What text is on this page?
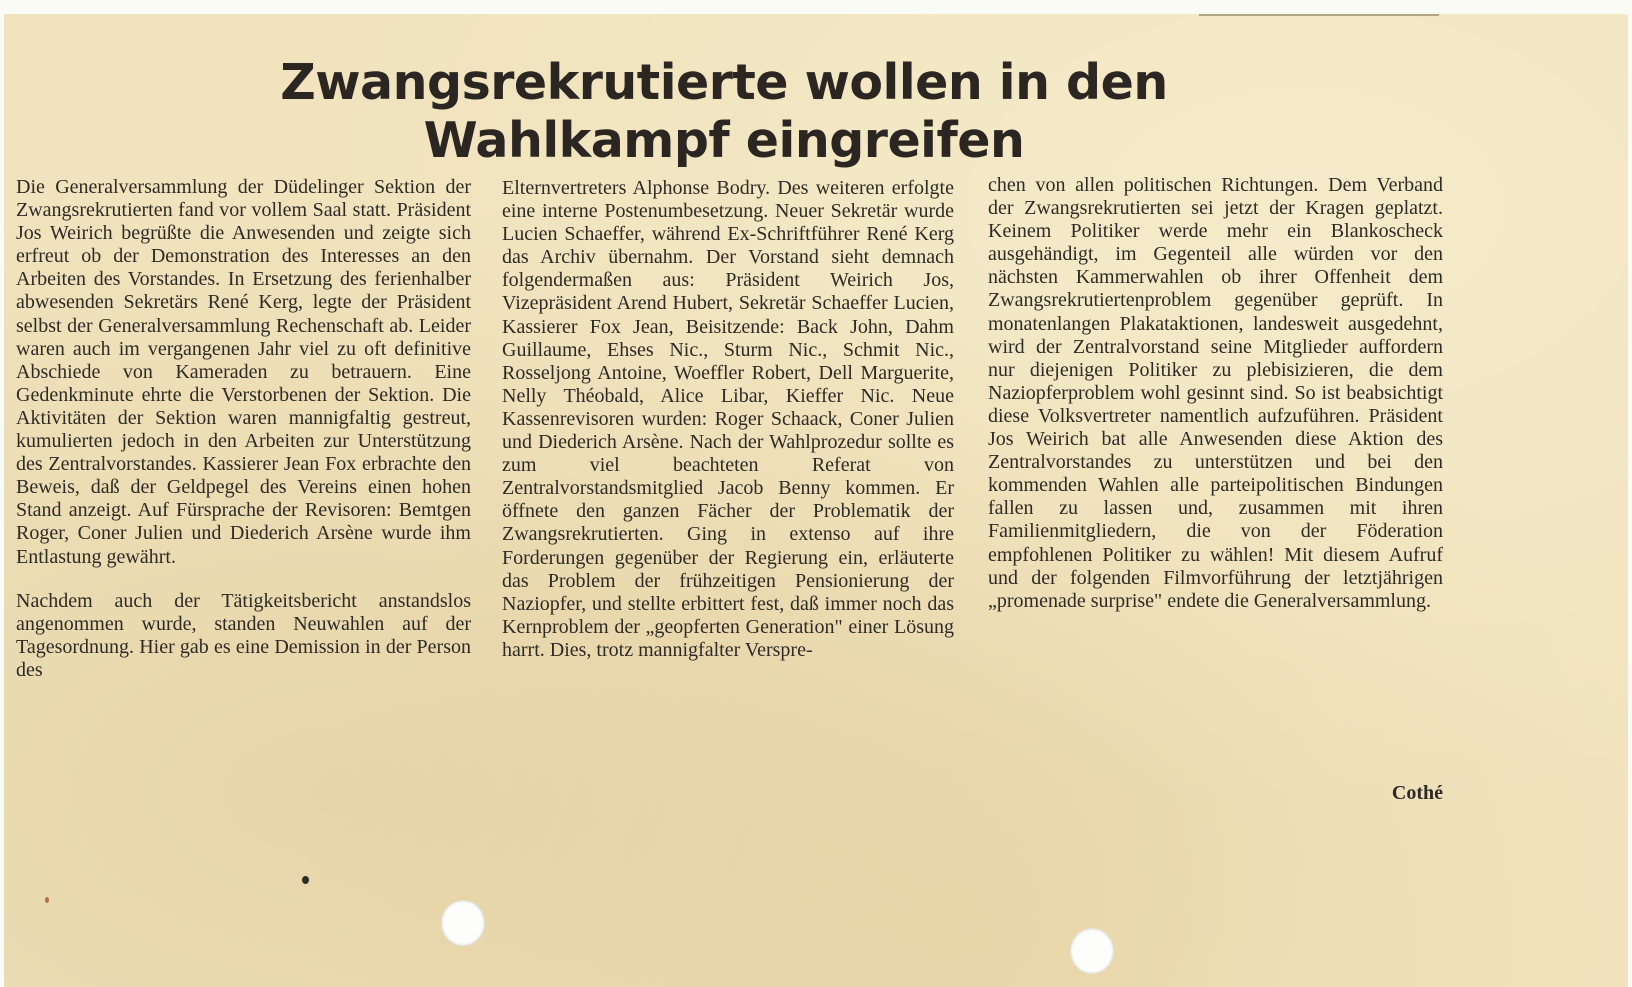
Zwangsrekrutierte wollen in den
Wahlkampf eingreifen

Die Generalversammlung der Düdelinger Sektion der Zwangsrekrutierten fand vor vollem Saal statt. Präsident Jos Weirich begrüßte die Anwesenden und zeigte sich erfreut ob der Demonstration des Interesses an den Arbeiten des Vorstandes. In Ersetzung des ferienhalber abwesenden Sekretärs René Kerg, legte der Präsident selbst der Generalversammlung Rechenschaft ab. Leider waren auch im vergangenen Jahr viel zu oft definitive Abschiede von Kameraden zu betrauern. Eine Gedenkminute ehrte die Verstorbenen der Sektion. Die Aktivitäten der Sektion waren mannigfaltig gestreut, kumulierten jedoch in den Arbeiten zur Unterstützung des Zentralvorstandes. Kassierer Jean Fox erbrachte den Beweis, daß der Geldpegel des Vereins einen hohen Stand anzeigt. Auf Fürsprache der Revisoren: Bemtgen Roger, Coner Julien und Diederich Arsène wurde ihm Entlastung gewährt.

Nachdem auch der Tätigkeitsbericht anstandslos angenommen wurde, standen Neuwahlen auf der Tagesordnung. Hier gab es eine Demission in der Person des

Elternvertreters Alphonse Bodry. Des weiteren erfolgte eine interne Postenumbesetzung. Neuer Sekretär wurde Lucien Schaeffer, während Ex-Schriftführer René Kerg das Archiv übernahm. Der Vorstand sieht demnach folgendermaßen aus: Präsident Weirich Jos, Vizepräsident Arend Hubert, Sekretär Schaeffer Lucien, Kassierer Fox Jean, Beisitzende: Back John, Dahm Guillaume, Ehses Nic., Sturm Nic., Schmit Nic., Rosseljong Antoine, Woeffler Robert, Dell Marguerite, Nelly Théobald, Alice Libar, Kieffer Nic. Neue Kassenrevisoren wurden: Roger Schaack, Coner Julien und Diederich Arsène. Nach der Wahlprozedur sollte es zum viel beachteten Referat von Zentralvorstandsmitglied Jacob Benny kommen. Er öffnete den ganzen Fächer der Problematik der Zwangsrekrutierten. Ging in extenso auf ihre Forderungen gegenüber der Regierung ein, erläuterte das Problem der frühzeitigen Pensionierung der Naziopfer, und stellte erbittert fest, daß immer noch das Kernproblem der „geopferten Generation" einer Lösung harrt. Dies, trotz mannigfalter Verspre-

chen von allen politischen Richtungen. Dem Verband der Zwangsrekrutierten sei jetzt der Kragen geplatzt. Keinem Politiker werde mehr ein Blankoscheck ausgehändigt, im Gegenteil alle würden vor den nächsten Kammerwahlen ob ihrer Offenheit dem Zwangsrekrutiertenproblem gegenüber geprüft. In monatenlangen Plakataktionen, landesweit ausgedehnt, wird der Zentralvorstand seine Mitglieder auffordern nur diejenigen Politiker zu plebisizieren, die dem Naziopferproblem wohl gesinnt sind. So ist beabsichtigt diese Volksvertreter namentlich aufzuführen. Präsident Jos Weirich bat alle Anwesenden diese Aktion des Zentralvorstandes zu unterstützen und bei den kommenden Wahlen alle parteipolitischen Bindungen fallen zu lassen und, zusammen mit ihren Familienmitgliedern, die von der Föderation empfohlenen Politiker zu wählen! Mit diesem Aufruf und der folgenden Filmvorführung der letztjährigen „promenade surprise" endete die Generalversammlung.

Cothé
